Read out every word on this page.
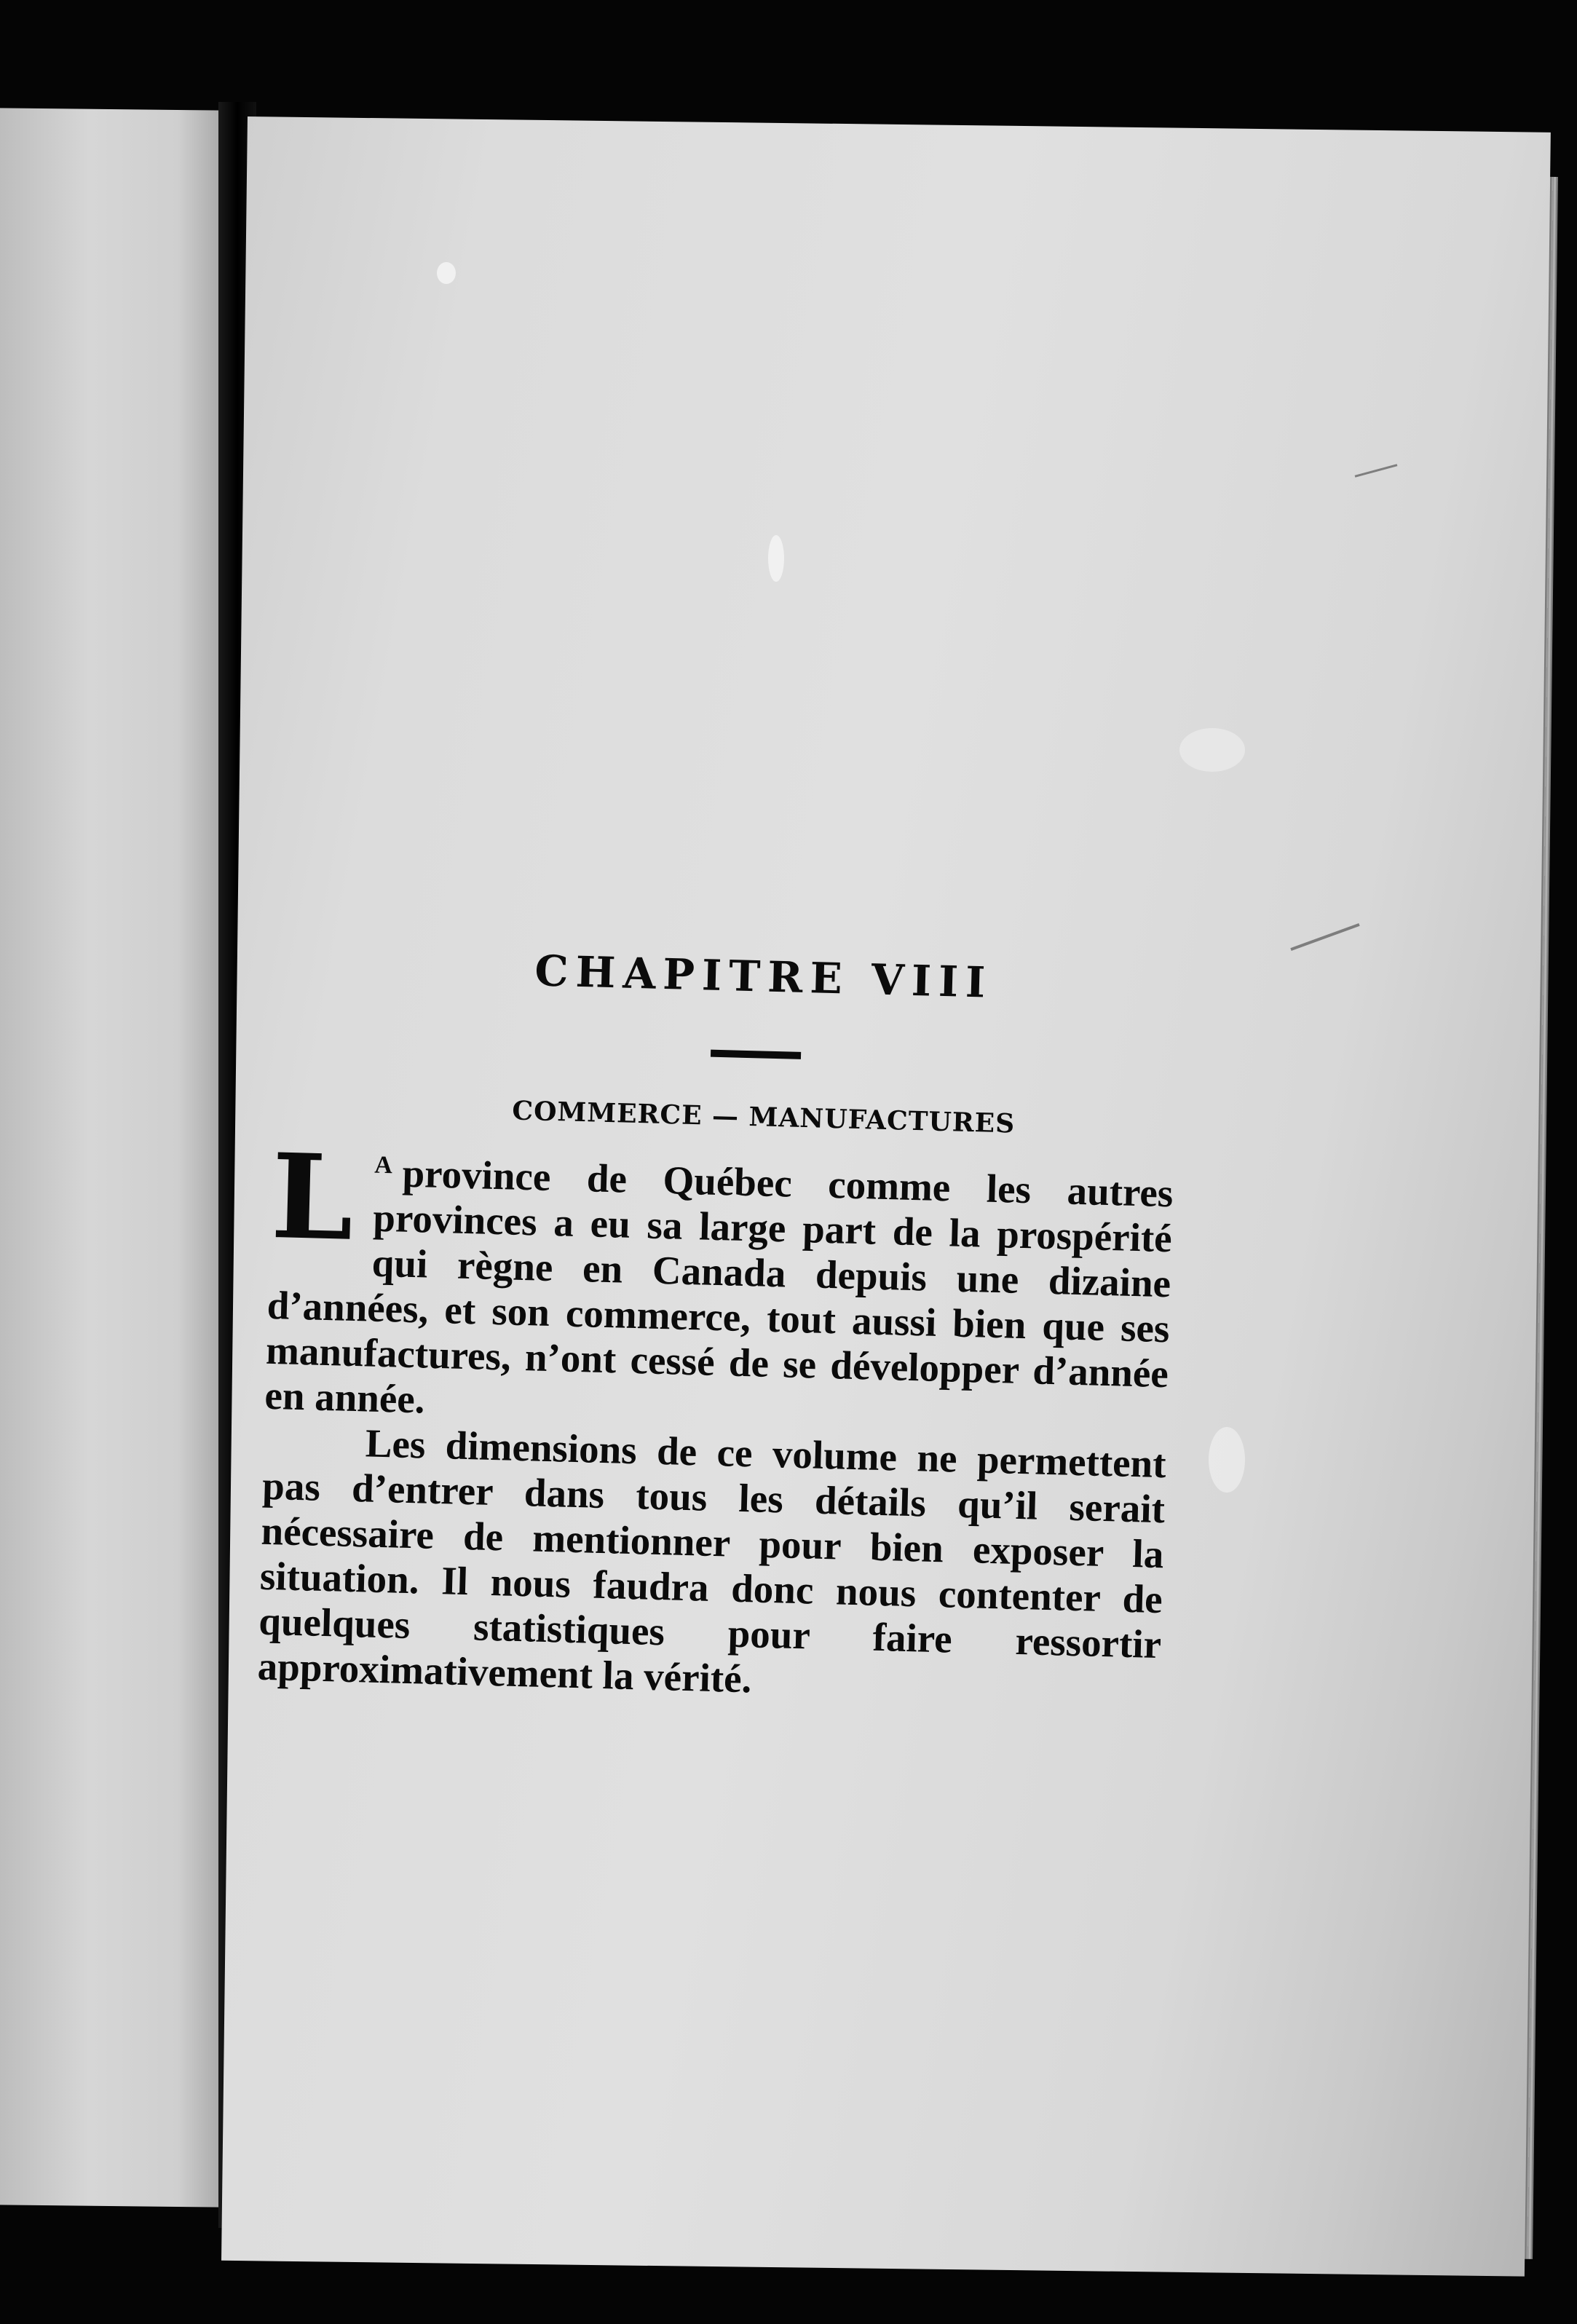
CHAPITRE VIII
COMMERCE — MANUFACTURES

L $^A$ province de Québec comme les autres provinces a eu sa large part de la prospérité qui règne en Canada depuis une dizaine d’années, et son commerce, tout aussi bien que ses manufactures, n’ont cessé de se développer d’année en année.

Les dimensions de ce volume ne permettent pas d’entrer dans tous les détails qu’il serait nécessaire de mentionner pour bien exposer la situation. Il nous faudra donc nous contenter de quelques statistiques pour faire ressortir approximativement la vérité.
